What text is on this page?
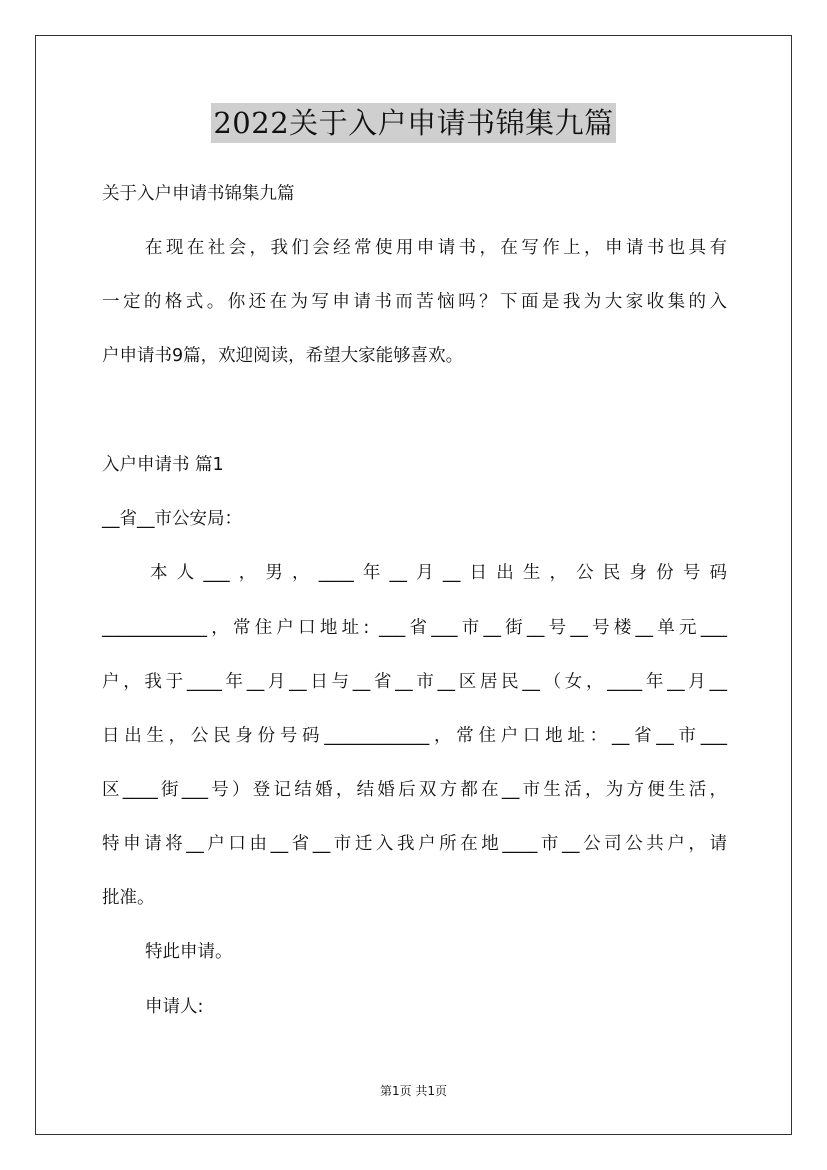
2022关于入户申请书锦集九篇
关于入户申请书锦集九篇
在现在社会，我们会经常使用申请书，在写作上，申请书也具有
一定的格式。你还在为写申请书而苦恼吗？下面是我为大家收集的入
户申请书9篇，欢迎阅读，希望大家能够喜欢。
入户申请书 篇1
__省__市公安局：
本人___，男，____年__月__日出生，公民身份号码
____________，常住户口地址: ___省___市__街__号__号楼__单元___
户，我于____年__月__日与__省__市__区居民__（女，____年__月__
日出生，公民身份号码____________，常住户口地址：__省__市___
区____街___号）登记结婚，结婚后双方都在__市生活，为方便生活，
特申请将__户口由__省__市迁入我户所在地____市__公司公共户，请
批准。
特此申请。
申请人:
第1页 共1页
